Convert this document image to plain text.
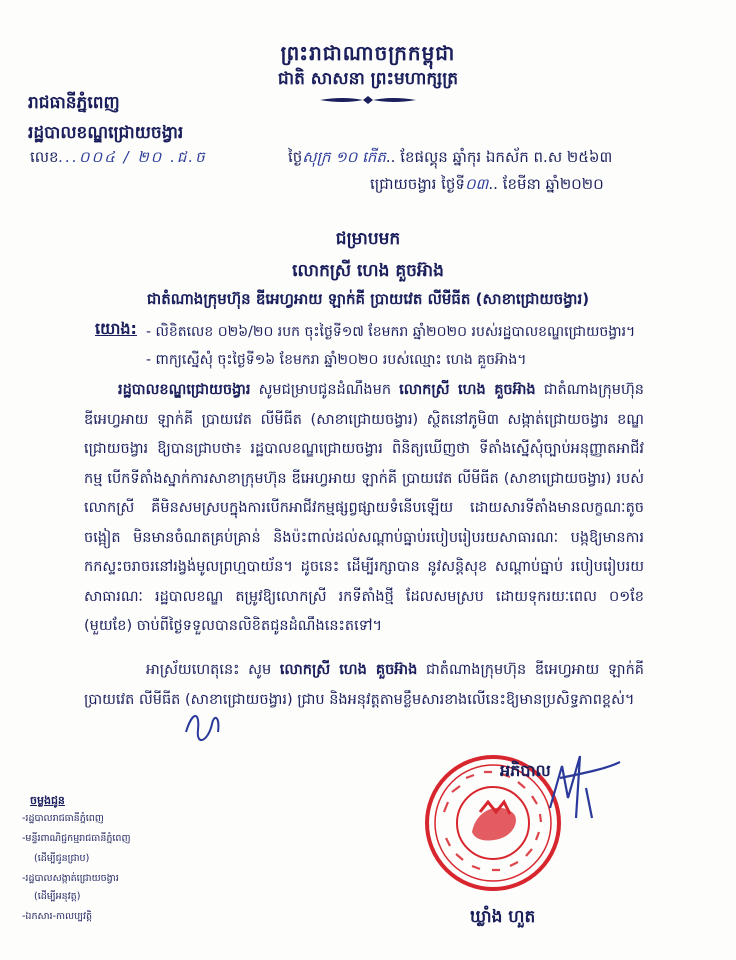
ព្រះរាជាណាចក្រកម្ពុជា
ជាតិ សាសនា ព្រះមហាក្សត្រ
រាជធានីភ្នំពេញ
រដ្ឋបាលខណ្ឌជ្រោយចង្វារ
លេខ...០០៤ / ២០ .ជ.ច	ថ្ងៃសុក្រ ១០ កើត.. ខែផល្គុន ឆ្នាំកុរ ឯកស័ក ព.ស ២៥៦៣
ជ្រោយចង្វារ ថ្ងៃទី០៣.. ខែមីនា ឆ្នាំ២០២០
ជម្រាបមក
លោកស្រី ហេង គួចអ៊ាង
ជាតំណាងក្រុមហ៊ុន ឌីអេហ្វអាយ ឡាក់គី ប្រាយវេត លីមីធីត (សាខាជ្រោយចង្វារ)
យោង: - លិខិតលេខ ០២៦/២០ របក ចុះថ្ងៃទី១៧ ខែមករា ឆ្នាំ២០២០ របស់រដ្ឋបាលខណ្ឌជ្រោយចង្វារ។
- ពាក្យស្នើសុំ ចុះថ្ងៃទី១៦ ខែមករា ឆ្នាំ២០២០ របស់ឈ្មោះ ហេង គួចអ៊ាង។
រដ្ឋបាលខណ្ឌជ្រោយចង្វារ សូមជម្រាបជូនដំណឹងមក លោកស្រី ហេង គួចអ៊ាង ជាតំណាងក្រុមហ៊ុន ឌីអេហ្វអាយ ឡាក់គី ប្រាយវេត លីមីធីត (សាខាជ្រោយចង្វារ) ស្ថិតនៅភូមិ៣ សង្កាត់ជ្រោយចង្វារ ខណ្ឌជ្រោយចង្វារ ឱ្យបានជ្រាបថា៖ រដ្ឋបាលខណ្ឌជ្រោយចង្វារ ពិនិត្យឃើញថា ទីតាំងស្នើសុំច្បាប់អនុញ្ញាតអាជីវកម្ម បើកទីតាំងស្នាក់ការសាខាក្រុមហ៊ុន ឌីអេហ្វអាយ ឡាក់គី ប្រាយវេត លីមីធីត (សាខាជ្រោយចង្វារ) របស់លោកស្រី គឺមិនសមស្របក្នុងការបើកអាជីវកម្មផ្សព្វផ្សាយទំនើបឡើយ ដោយសារទីតាំងមានលក្ខណៈតូចចង្អៀត មិនមានចំណតគ្រប់គ្រាន់ និងប៉ះពាល់ដល់សណ្ដាប់ធ្នាប់របៀបរៀបរយសាធារណៈ បង្កឱ្យមានការកកស្ទះចរាចរនៅរង្វង់មូលព្រហ្មបាយ័ន។ ដូចនេះ ដើម្បីរក្សាបាន នូវសន្តិសុខ សណ្ដាប់ធ្នាប់ របៀបរៀបរយសាធារណៈ រដ្ឋបាលខណ្ឌ តម្រូវឱ្យលោកស្រី រកទីតាំងថ្មី ដែលសមស្រប ដោយទុករយៈពេល ០១ខែ (មួយខែ) ចាប់ពីថ្ងៃទទួលបានលិខិតជូនដំណឹងនេះតទៅ។
អាស្រ័យហេតុនេះ សូម លោកស្រី ហេង គួចអ៊ាង ជាតំណាងក្រុមហ៊ុន ឌីអេហ្វអាយ ឡាក់គី ប្រាយវេត លីមីធីត (សាខាជ្រោយចង្វារ) ជ្រាប និងអនុវត្តតាមខ្លឹមសារខាងលើនេះឱ្យមានប្រសិទ្ធភាពខ្ពស់។
អភិបាល
ឃ្លាំង ហួត
ចម្លងជូន
-រដ្ឋបាលរាជធានីភ្នំពេញ
-មន្ទីរពាណិជ្ជកម្មរាជធានីភ្នំពេញ
(ដើម្បីជូនជ្រាប)
-រដ្ឋបាលសង្កាត់ជ្រោយចង្វារ
(ដើម្បីអនុវត្ត)
-ឯកសារ-កាលប្បវត្តិ
